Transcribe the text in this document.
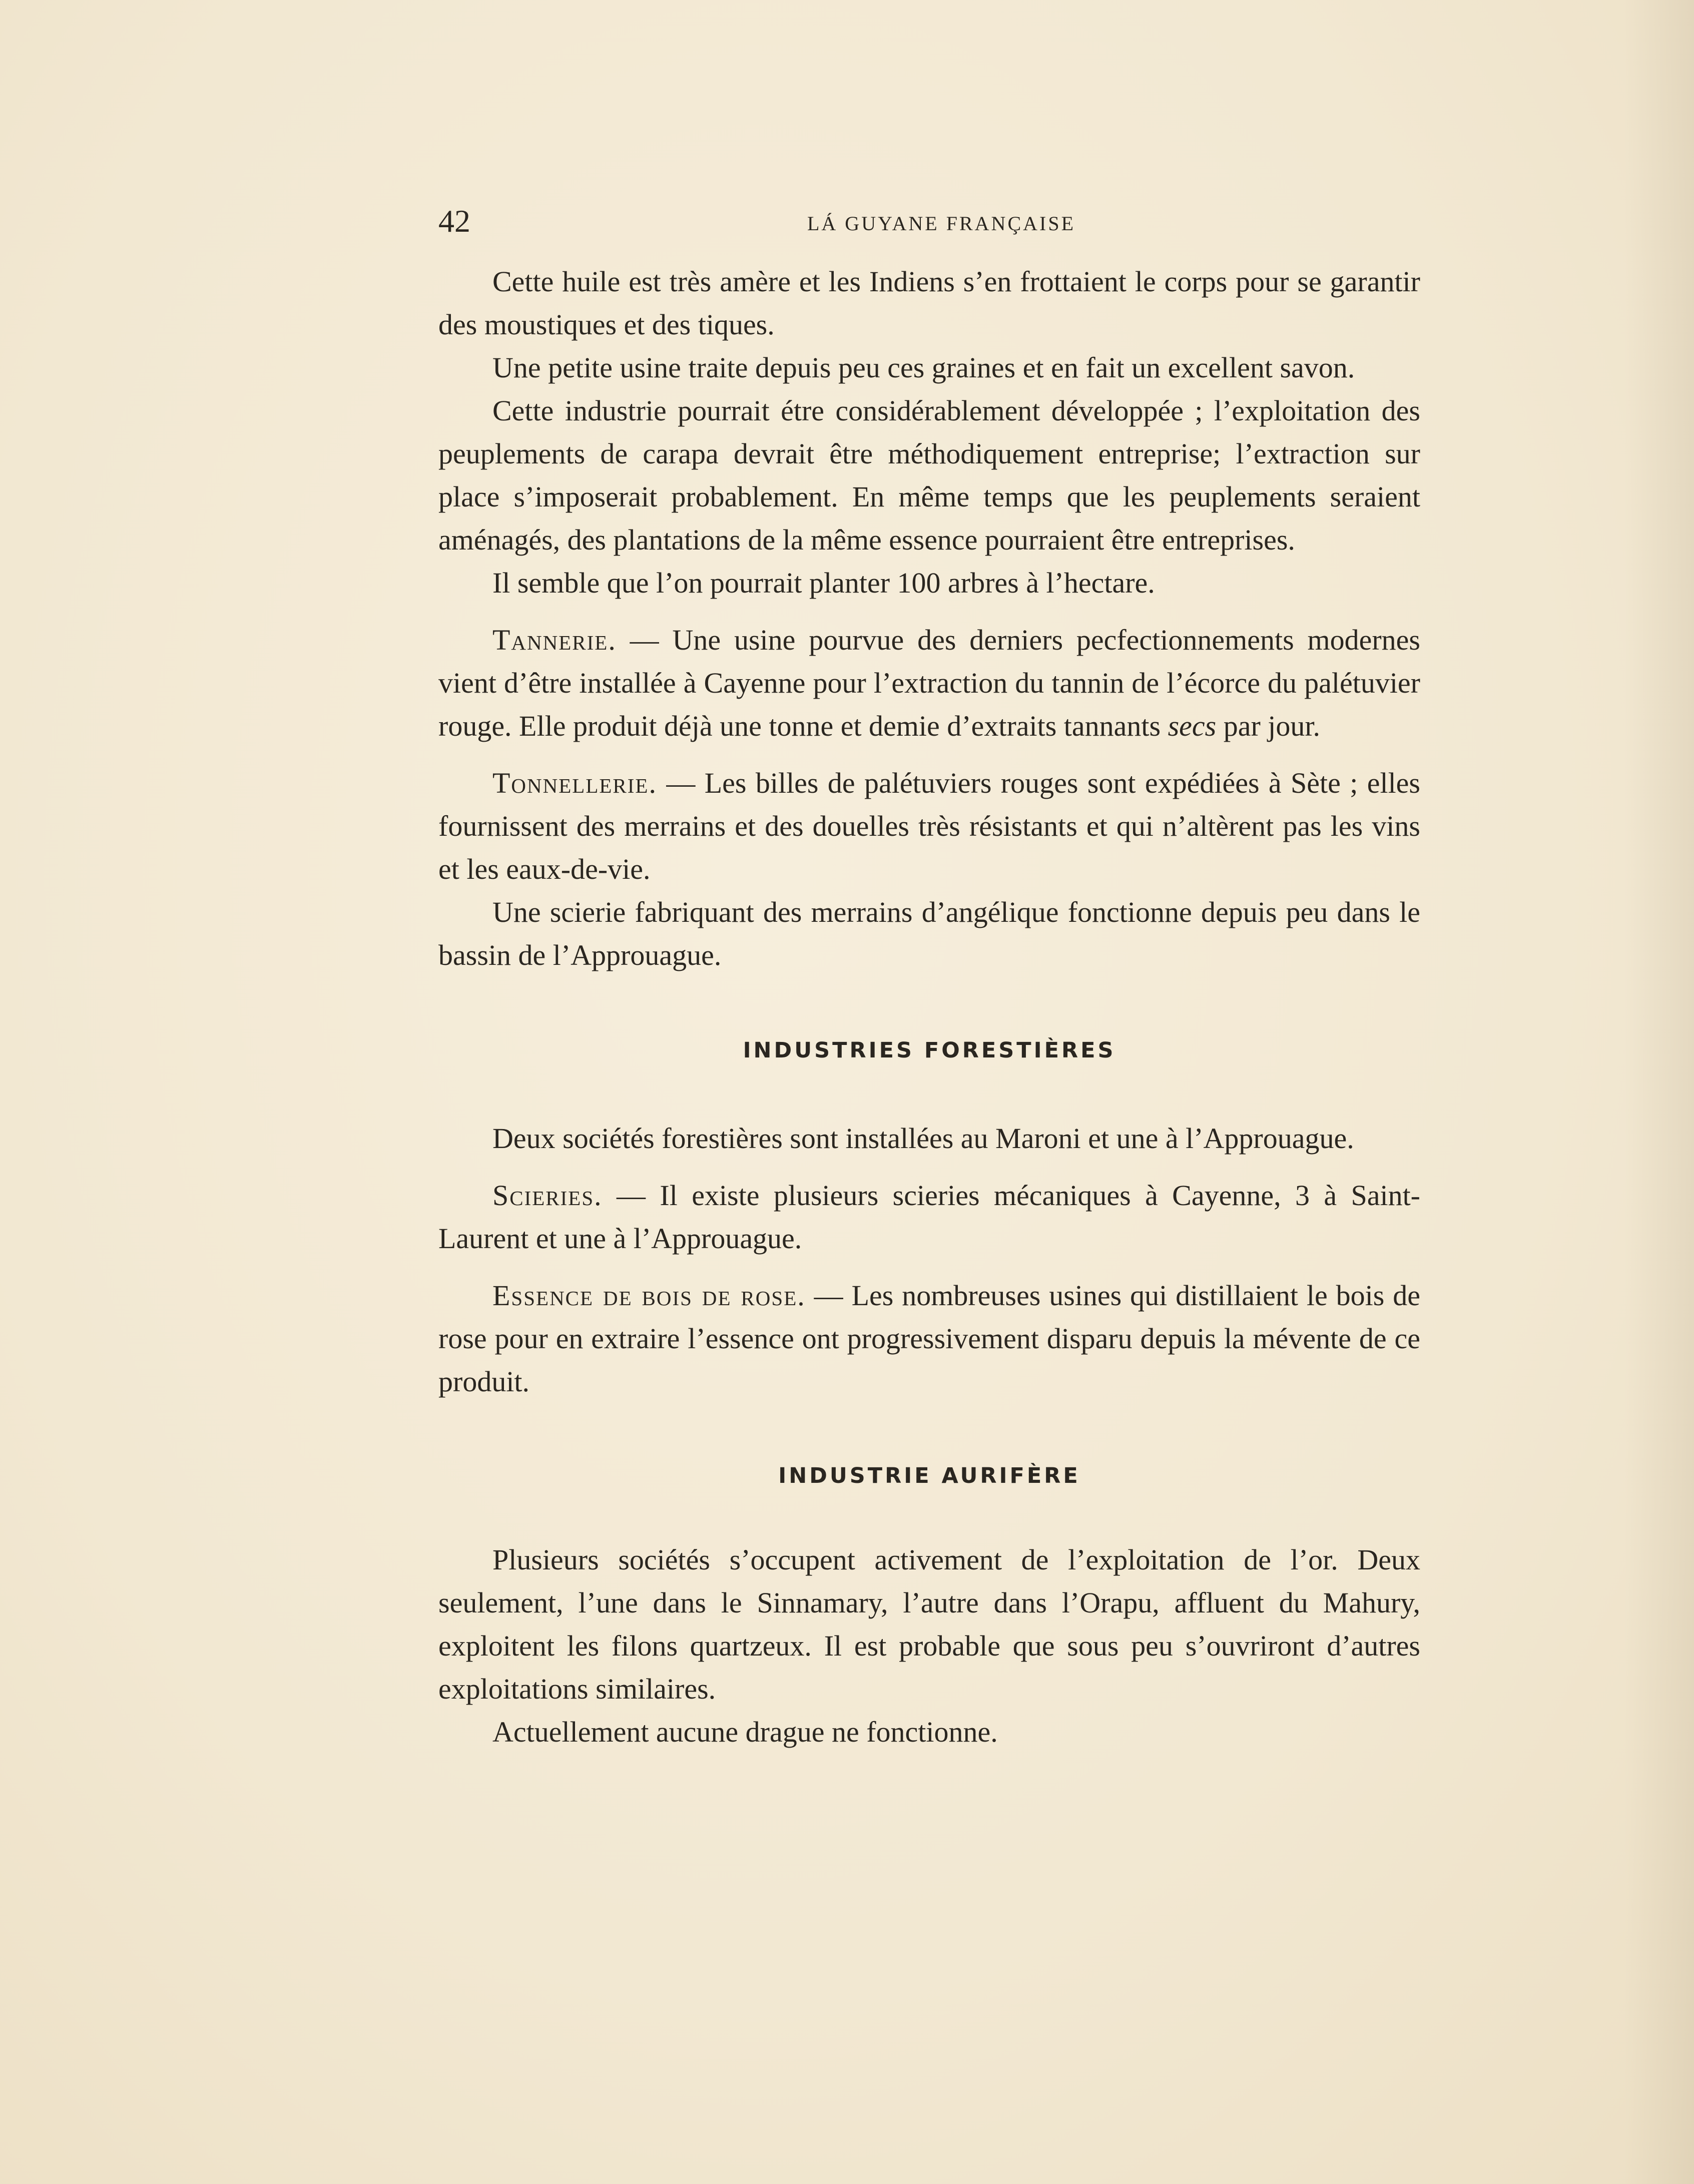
42	LÁ GUYANE FRANÇAISE

Cette huile est très amère et les Indiens s’en frottaient le corps pour se garantir des moustiques et des tiques.

Une petite usine traite depuis peu ces graines et en fait un excellent savon.

Cette industrie pourrait étre considérablement développée ; l’exploitation des peuplements de carapa devrait être méthodiquement entreprise; l’extraction sur place s’imposerait probablement. En même temps que les peuplements seraient aménagés, des plantations de la même essence pourraient être entreprises.

Il semble que l’on pourrait planter 100 arbres à l’hectare.

Tannerie. — Une usine pourvue des derniers pecfectionnements modernes vient d’être installée à Cayenne pour l’extraction du tannin de l’écorce du palétuvier rouge. Elle produit déjà une tonne et demie d’extraits tannants secs par jour.

Tonnellerie. — Les billes de palétuviers rouges sont expédiées à Sète ; elles fournissent des merrains et des douelles très résistants et qui n’altèrent pas les vins et les eaux-de-vie.

Une scierie fabriquant des merrains d’angélique fonctionne depuis peu dans le bassin de l’Approuague.

INDUSTRIES FORESTIÈRES

Deux sociétés forestières sont installées au Maroni et une à l’Approuague.

Scieries. — Il existe plusieurs scieries mécaniques à Cayenne, 3 à Saint-Laurent et une à l’Approuague.

Essence de bois de rose. — Les nombreuses usines qui distillaient le bois de rose pour en extraire l’essence ont progressivement disparu depuis la mévente de ce produit.

INDUSTRIE AURIFÈRE

Plusieurs sociétés s’occupent activement de l’exploitation de l’or. Deux seulement, l’une dans le Sinnamary, l’autre dans l’Orapu, affluent du Mahury, exploitent les filons quartzeux. Il est probable que sous peu s’ouvriront d’autres exploitations similaires.

Actuellement aucune drague ne fonctionne.
